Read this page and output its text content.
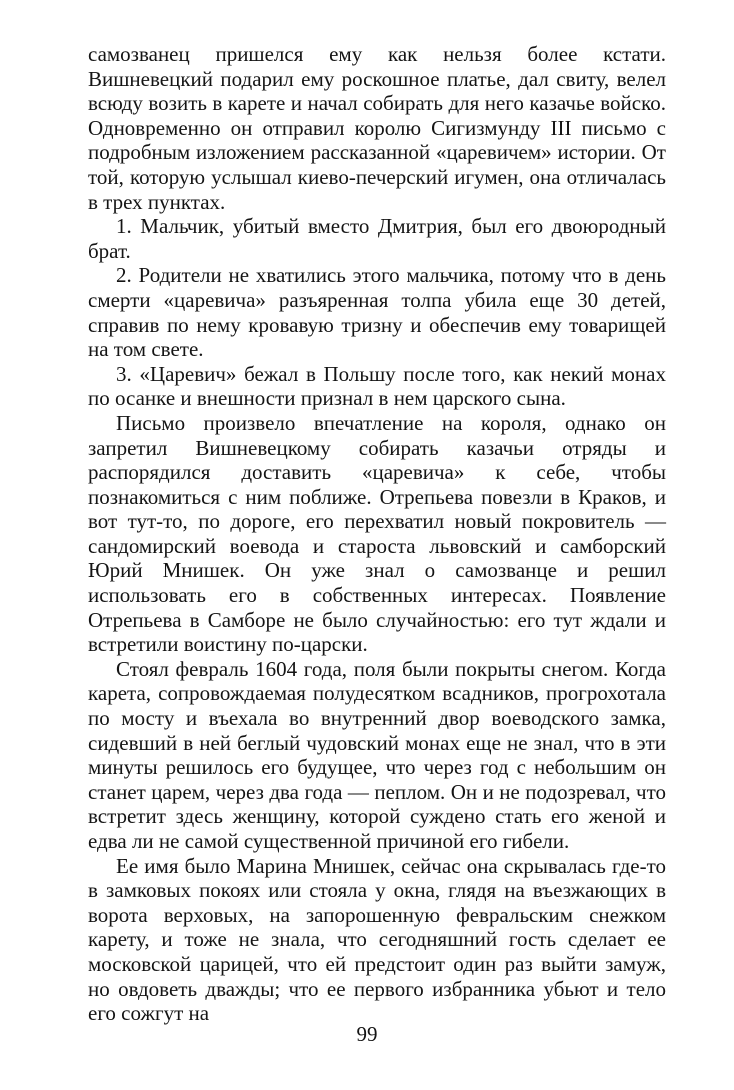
самозванец пришелся ему как нельзя более кстати. Вишневецкий подарил ему роскошное платье, дал свиту, велел всюду возить в карете и начал собирать для него казачье войско. Одновременно он отправил королю Сигизмунду III письмо с подробным изложением рассказанной «царевичем» истории. От той, которую услышал киево-печерский игумен, она отличалась в трех пунктах.

1. Мальчик, убитый вместо Дмитрия, был его двоюродный брат.

2. Родители не хватились этого мальчика, потому что в день смерти «царевича» разъяренная толпа убила еще 30 детей, справив по нему кровавую тризну и обеспечив ему товарищей на том свете.

3. «Царевич» бежал в Польшу после того, как некий монах по осанке и внешности признал в нем царского сына.

Письмо произвело впечатление на короля, однако он запретил Вишневецкому собирать казачьи отряды и распорядился доставить «царевича» к себе, чтобы познакомиться с ним поближе. Отрепьева повезли в Краков, и вот тут-то, по дороге, его перехватил новый покровитель — сандомирский воевода и староста львовский и самборский Юрий Мнишек. Он уже знал о самозванце и решил использовать его в собственных интересах. Появление Отрепьева в Самборе не было случайностью: его тут ждали и встретили воистину по-царски.

Стоял февраль 1604 года, поля были покрыты снегом. Когда карета, сопровождаемая полудесятком всадников, прогрохотала по мосту и въехала во внутренний двор воеводского замка, сидевший в ней беглый чудовский монах еще не знал, что в эти минуты решилось его будущее, что через год с небольшим он станет царем, через два года — пеплом. Он и не подозревал, что встретит здесь женщину, которой суждено стать его женой и едва ли не самой существенной причиной его гибели.

Ее имя было Марина Мнишек, сейчас она скрывалась где-то в замковых покоях или стояла у окна, глядя на въезжающих в ворота верховых, на запорошенную февральским снежком карету, и тоже не знала, что сегодняшний гость сделает ее московской царицей, что ей предстоит один раз выйти замуж, но овдоветь дважды; что ее первого избранника убьют и тело его сожгут на

99
